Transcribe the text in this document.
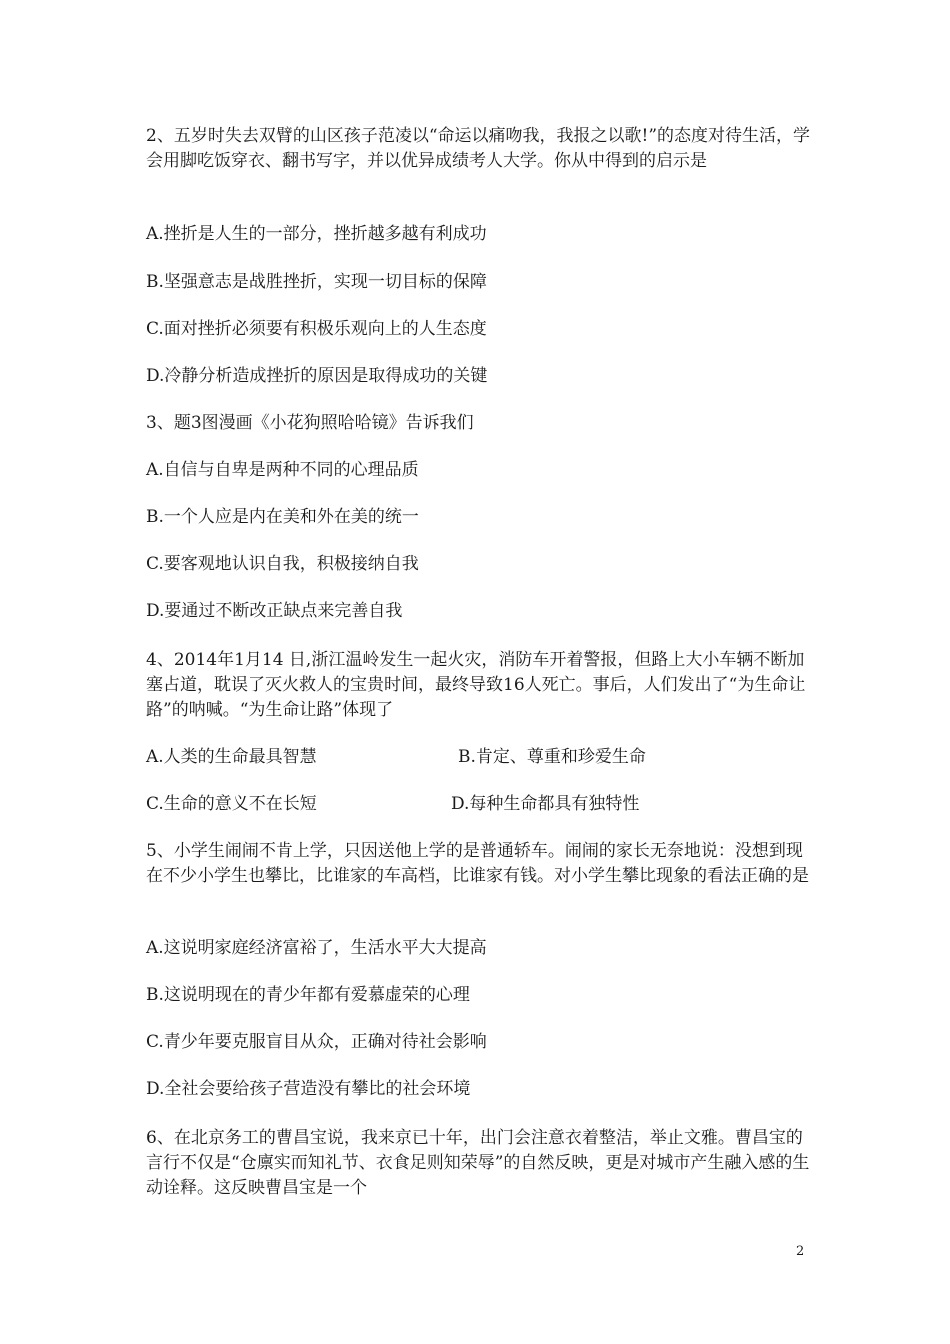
2、五岁时失去双臂的山区孩子范凌以“命运以痛吻我，我报之以歌!”的态度对待生活，学会用脚吃饭穿衣、翻书写字，并以优异成绩考人大学。你从中得到的启示是
A.挫折是人生的一部分，挫折越多越有利成功
B.坚强意志是战胜挫折，实现一切目标的保障
C.面对挫折必须要有积极乐观向上的人生态度
D.冷静分析造成挫折的原因是取得成功的关键
3、题3图漫画《小花狗照哈哈镜》告诉我们
A.自信与自卑是两种不同的心理品质
B.一个人应是内在美和外在美的统一
C.要客观地认识自我，积极接纳自我
D.要通过不断改正缺点来完善自我
4、2014年1月14 日,浙江温岭发生一起火灾，消防车开着警报，但路上大小车辆不断加塞占道，耽误了灭火救人的宝贵时间，最终导致16人死亡。事后，人们发出了“为生命让路”的呐喊。“为生命让路”体现了
A.人类的生命最具智慧	B.肯定、尊重和珍爱生命
C.生命的意义不在长短	D.每种生命都具有独特性
5、小学生闹闹不肯上学，只因送他上学的是普通轿车。闹闹的家长无奈地说：没想到现在不少小学生也攀比，比谁家的车高档，比谁家有钱。对小学生攀比现象的看法正确的是
A.这说明家庭经济富裕了，生活水平大大提高
B.这说明现在的青少年都有爱慕虚荣的心理
C.青少年要克服盲目从众，正确对待社会影响
D.全社会要给孩子营造没有攀比的社会环境
6、在北京务工的曹昌宝说，我来京已十年，出门会注意衣着整洁，举止文雅。曹昌宝的言行不仅是“仓廪实而知礼节、衣食足则知荣辱”的自然反映，更是对城市产生融入感的生动诠释。这反映曹昌宝是一个
2
